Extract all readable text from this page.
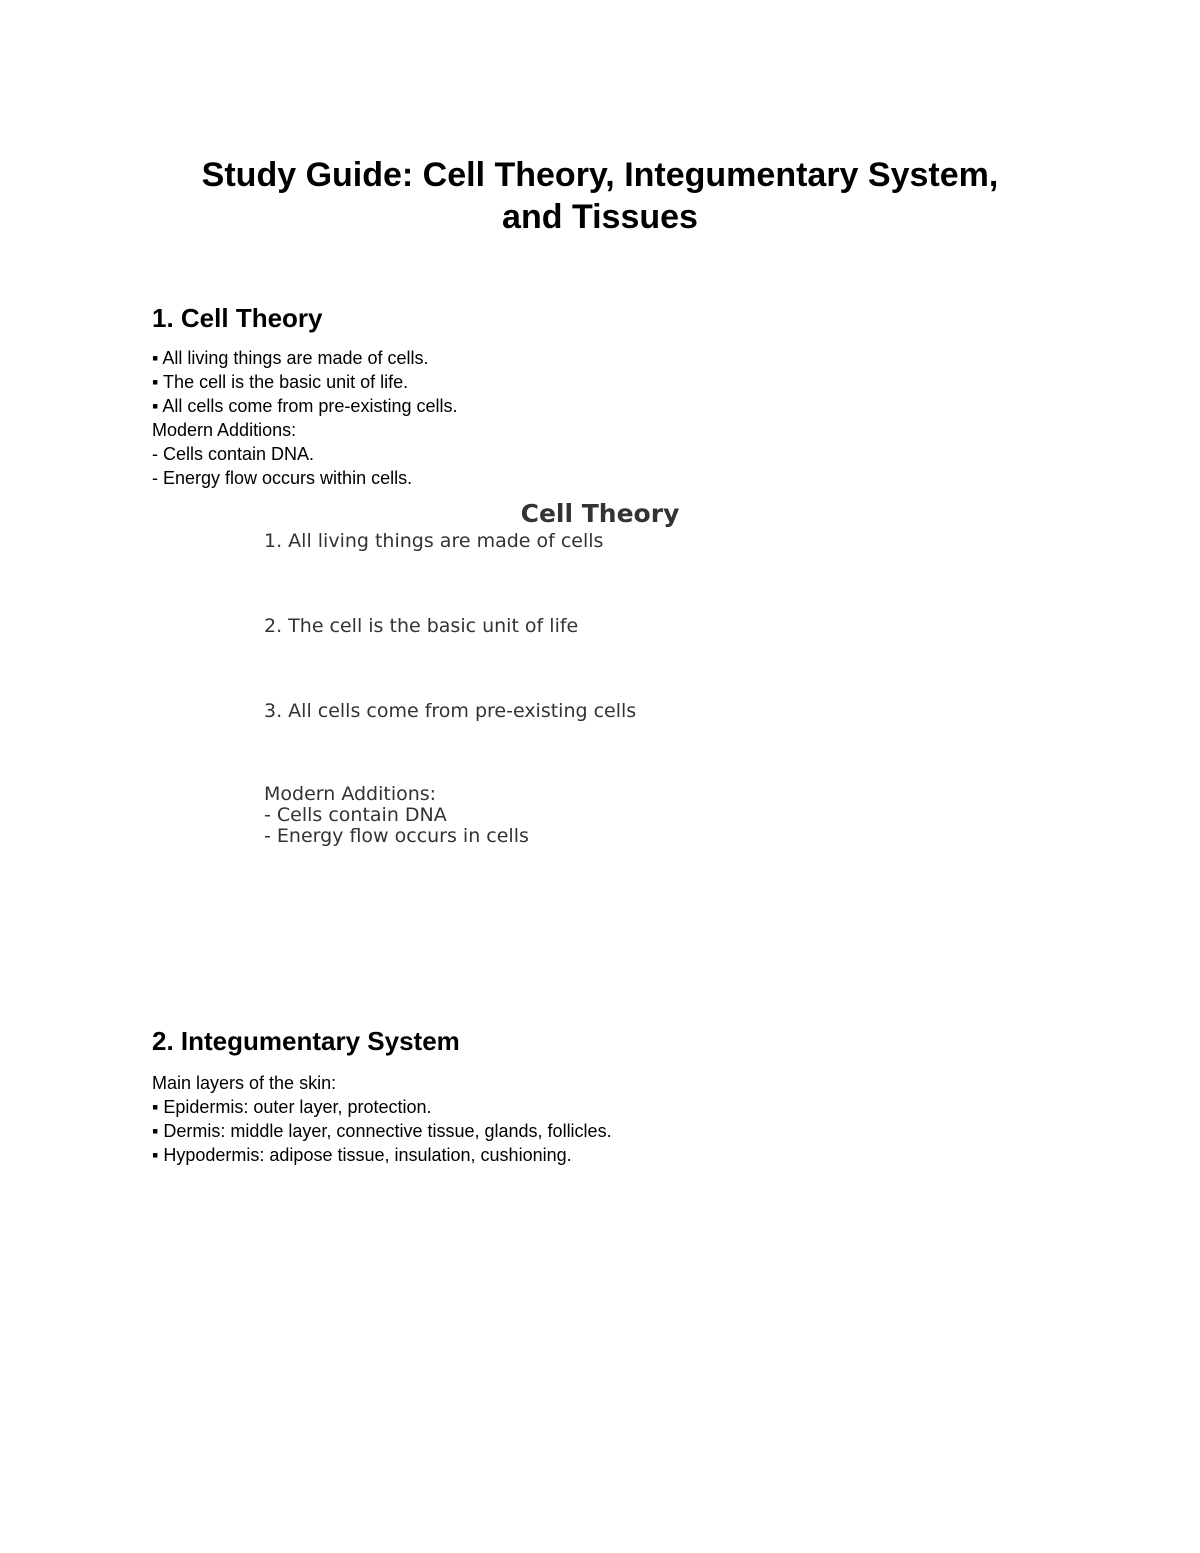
Study Guide: Cell Theory, Integumentary System,
and Tissues
1. Cell Theory
▪ All living things are made of cells.
▪ The cell is the basic unit of life.
▪ All cells come from pre-existing cells.
Modern Additions:
- Cells contain DNA.
- Energy flow occurs within cells.
Cell Theory
1. All living things are made of cells
2. The cell is the basic unit of life
3. All cells come from pre-existing cells
Modern Additions:
- Cells contain DNA
- Energy flow occurs in cells
2. Integumentary System
Main layers of the skin:
▪ Epidermis: outer layer, protection.
▪ Dermis: middle layer, connective tissue, glands, follicles.
▪ Hypodermis: adipose tissue, insulation, cushioning.
